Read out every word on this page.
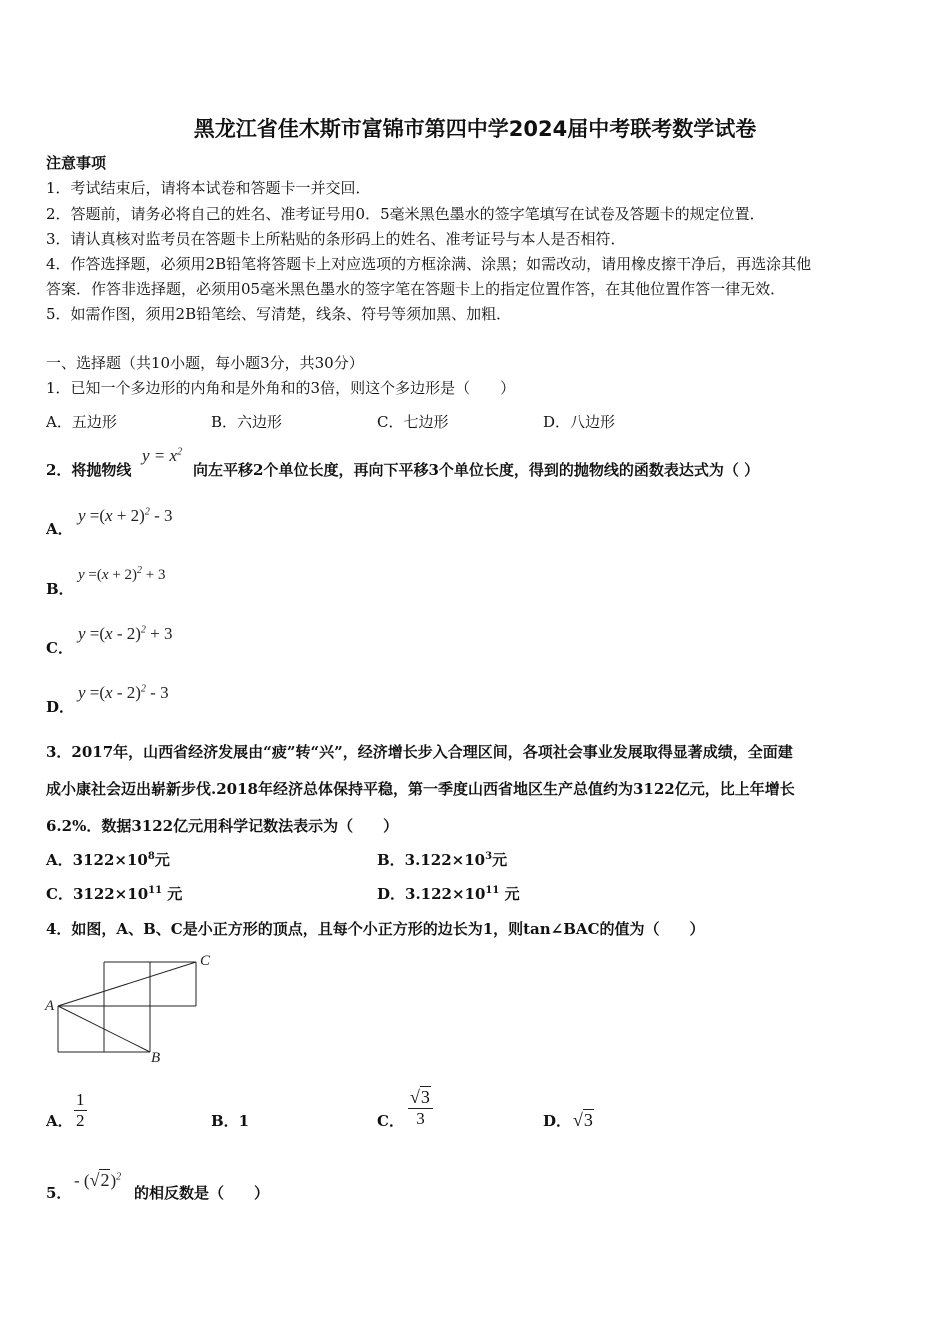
黑龙江省佳木斯市富锦市第四中学2024届中考联考数学试卷
注意事项
1．考试结束后，请将本试卷和答题卡一并交回．
2．答题前，请务必将自己的姓名、准考证号用0．5毫米黑色墨水的签字笔填写在试卷及答题卡的规定位置．
3．请认真核对监考员在答题卡上所粘贴的条形码上的姓名、准考证号与本人是否相符．
4．作答选择题，必须用2B铅笔将答题卡上对应选项的方框涂满、涂黑；如需改动，请用橡皮擦干净后，再选涂其他
答案．作答非选择题，必须用05毫米黑色墨水的签字笔在答题卡上的指定位置作答，在其他位置作答一律无效．
5．如需作图，须用2B铅笔绘、写清楚，线条、符号等须加黑、加粗．
一、选择题（共10小题，每小题3分，共30分）
1．已知一个多边形的内角和是外角和的3倍，则这个多边形是（　　）
A．五边形	B．六边形	C．七边形	D．八边形
2．将抛物线
$y = x^2$
向左平移2个单位长度，再向下平移3个单位长度，得到的抛物线的函数表达式为（ ）
A．
$y =(x + 2)^2 - 3$
B．
$y =(x + 2)^2 + 3$
C．
y =(x - 2)$^2$ + 3
D．
y =(x - 2)$^2$ - 3
3．2017年，山西省经济发展由“疲”转“兴”，经济增长步入合理区间，各项社会事业发展取得显著成绩，全面建
成小康社会迈出崭新步伐.2018年经济总体保持平稳，第一季度山西省地区生产总值约为3122亿元，比上年增长
6.2%．数据3122亿元用科学记数法表示为（　　）
A．$3122\times 10^8$元	B．$3.122\times 10^3$元
C．$3122\times 10^{11}$ 元	D．$3.122\times 10^{11}$ 元
4．如图，A、B、C是小正方形的顶点，且每个小正方形的边长为1，则tan∠BAC的值为（　　）
A
B
C
A． $\frac{1}{2}$	B．1	C． $\frac{√3}{3}$	D． √3
5．
- $(√2)^2$
的相反数是（　　）
